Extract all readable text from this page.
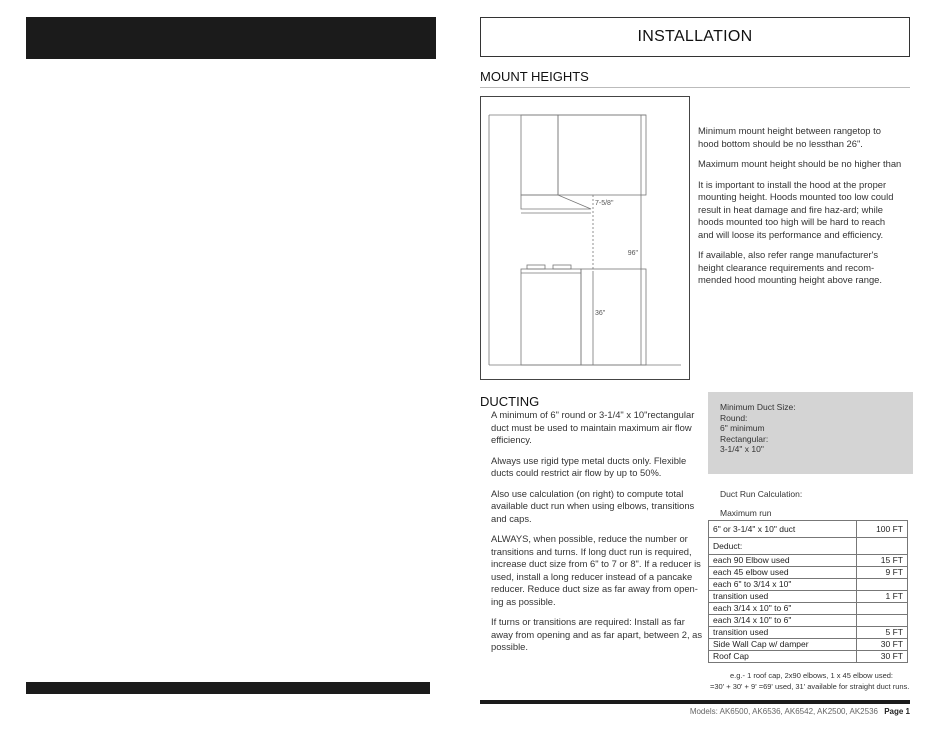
INSTALLATION
MOUNT HEIGHTS
7-5/8"
96"
36"

Minimum mount height between rangetop to hood bottom should be no lessthan 26".

Maximum mount height should be no higher than

It is important to install the hood at the proper mounting height. Hoods mounted too low could result in heat damage and fire haz-ard; while hoods mounted too high will be hard to reach and will loose its performance and efficiency.

If available, also refer range manufacturer's height clearance requirements and recom-mended hood mounting height above range.

DUCTING

A minimum of 6" round or 3-1/4" x 10"rectangular duct must be used to maintain maximum air flow efficiency.

Always use rigid type metal ducts only. Flexible ducts could restrict air flow by up to 50%.

Also use calculation (on right) to compute total available duct run when using elbows, transitions and caps.

ALWAYS, when possible, reduce the number or transitions and turns. If long duct run is required, increase duct size from 6" to 7 or 8". If a reducer is used, install a long reducer instead of a pancake reducer. Reduce duct size as far away from open-ing as possible.

If turns or transitions are required: Install as far away from opening and as far apart, between 2, as possible.

Minimum Duct Size:
Round:
6" minimum
Rectangular:
3-1/4" x 10"
Duct Run Calculation:
Maximum run
6" or 3-1/4" x 10" duct	100 FT
Deduct:	
each 90 Elbow used	15 FT
each 45 elbow used	9 FT
each 6" to 3/14 x 10"	
transition used	1 FT
each 3/14 x 10" to 6"	
each 3/14 x 10" to 6"	
transition used	5 FT
Side Wall Cap w/ damper	30 FT
Roof Cap	30 FT
e.g.- 1 roof cap, 2x90 elbows, 1 x 45 elbow used:
=30' + 30' + 9' =69' used, 31' available for straight duct runs.
Models: AK6500, AK6536, AK6542, AK2500, AK2536 Page 1
